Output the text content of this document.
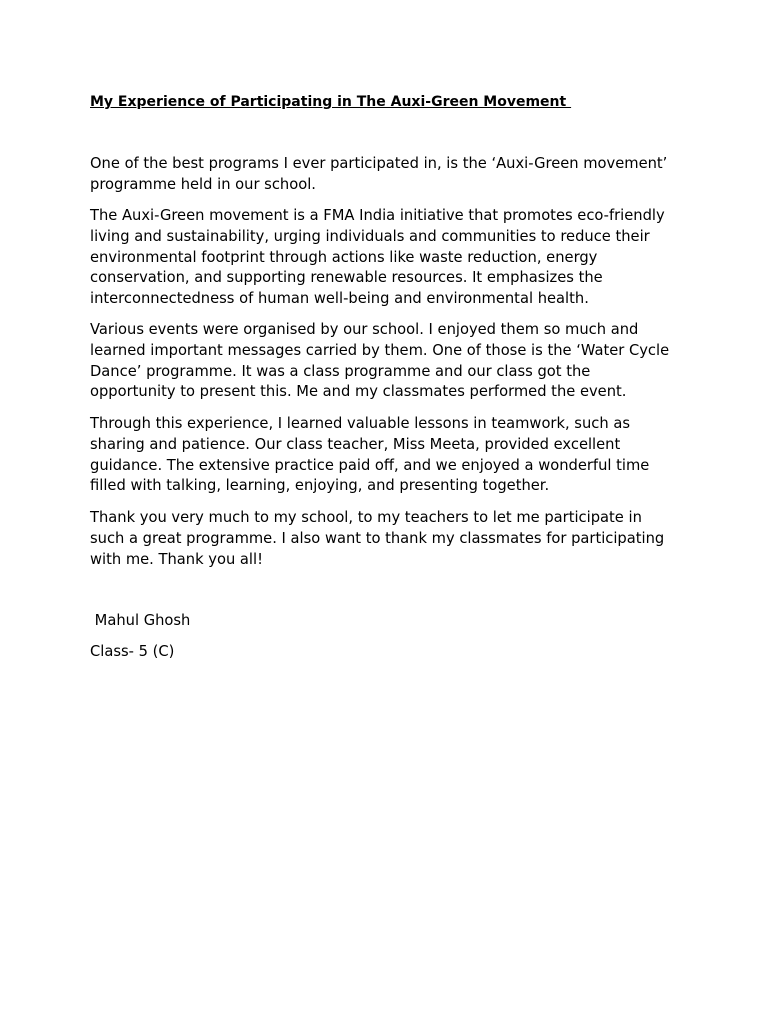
My Experience of Participating in The Auxi-Green Movement

One of the best programs I ever participated in, is the ‘Auxi-Green movement’ programme held in our school.

The Auxi-Green movement is a FMA India initiative that promotes eco-friendly living and sustainability, urging individuals and communities to reduce their environmental footprint through actions like waste reduction, energy conservation, and supporting renewable resources. It emphasizes the interconnectedness of human well-being and environmental health.

Various events were organised by our school. I enjoyed them so much and learned important messages carried by them. One of those is the ‘Water Cycle Dance’ programme. It was a class programme and our class got the opportunity to present this. Me and my classmates performed the event.

Through this experience, I learned valuable lessons in teamwork, such as sharing and patience. Our class teacher, Miss Meeta, provided excellent guidance. The extensive practice paid off, and we enjoyed a wonderful time filled with talking, learning, enjoying, and presenting together.

Thank you very much to my school, to my teachers to let me participate in such a great programme. I also want to thank my classmates for participating with me. Thank you all!

Mahul Ghosh

Class- 5 (C)
